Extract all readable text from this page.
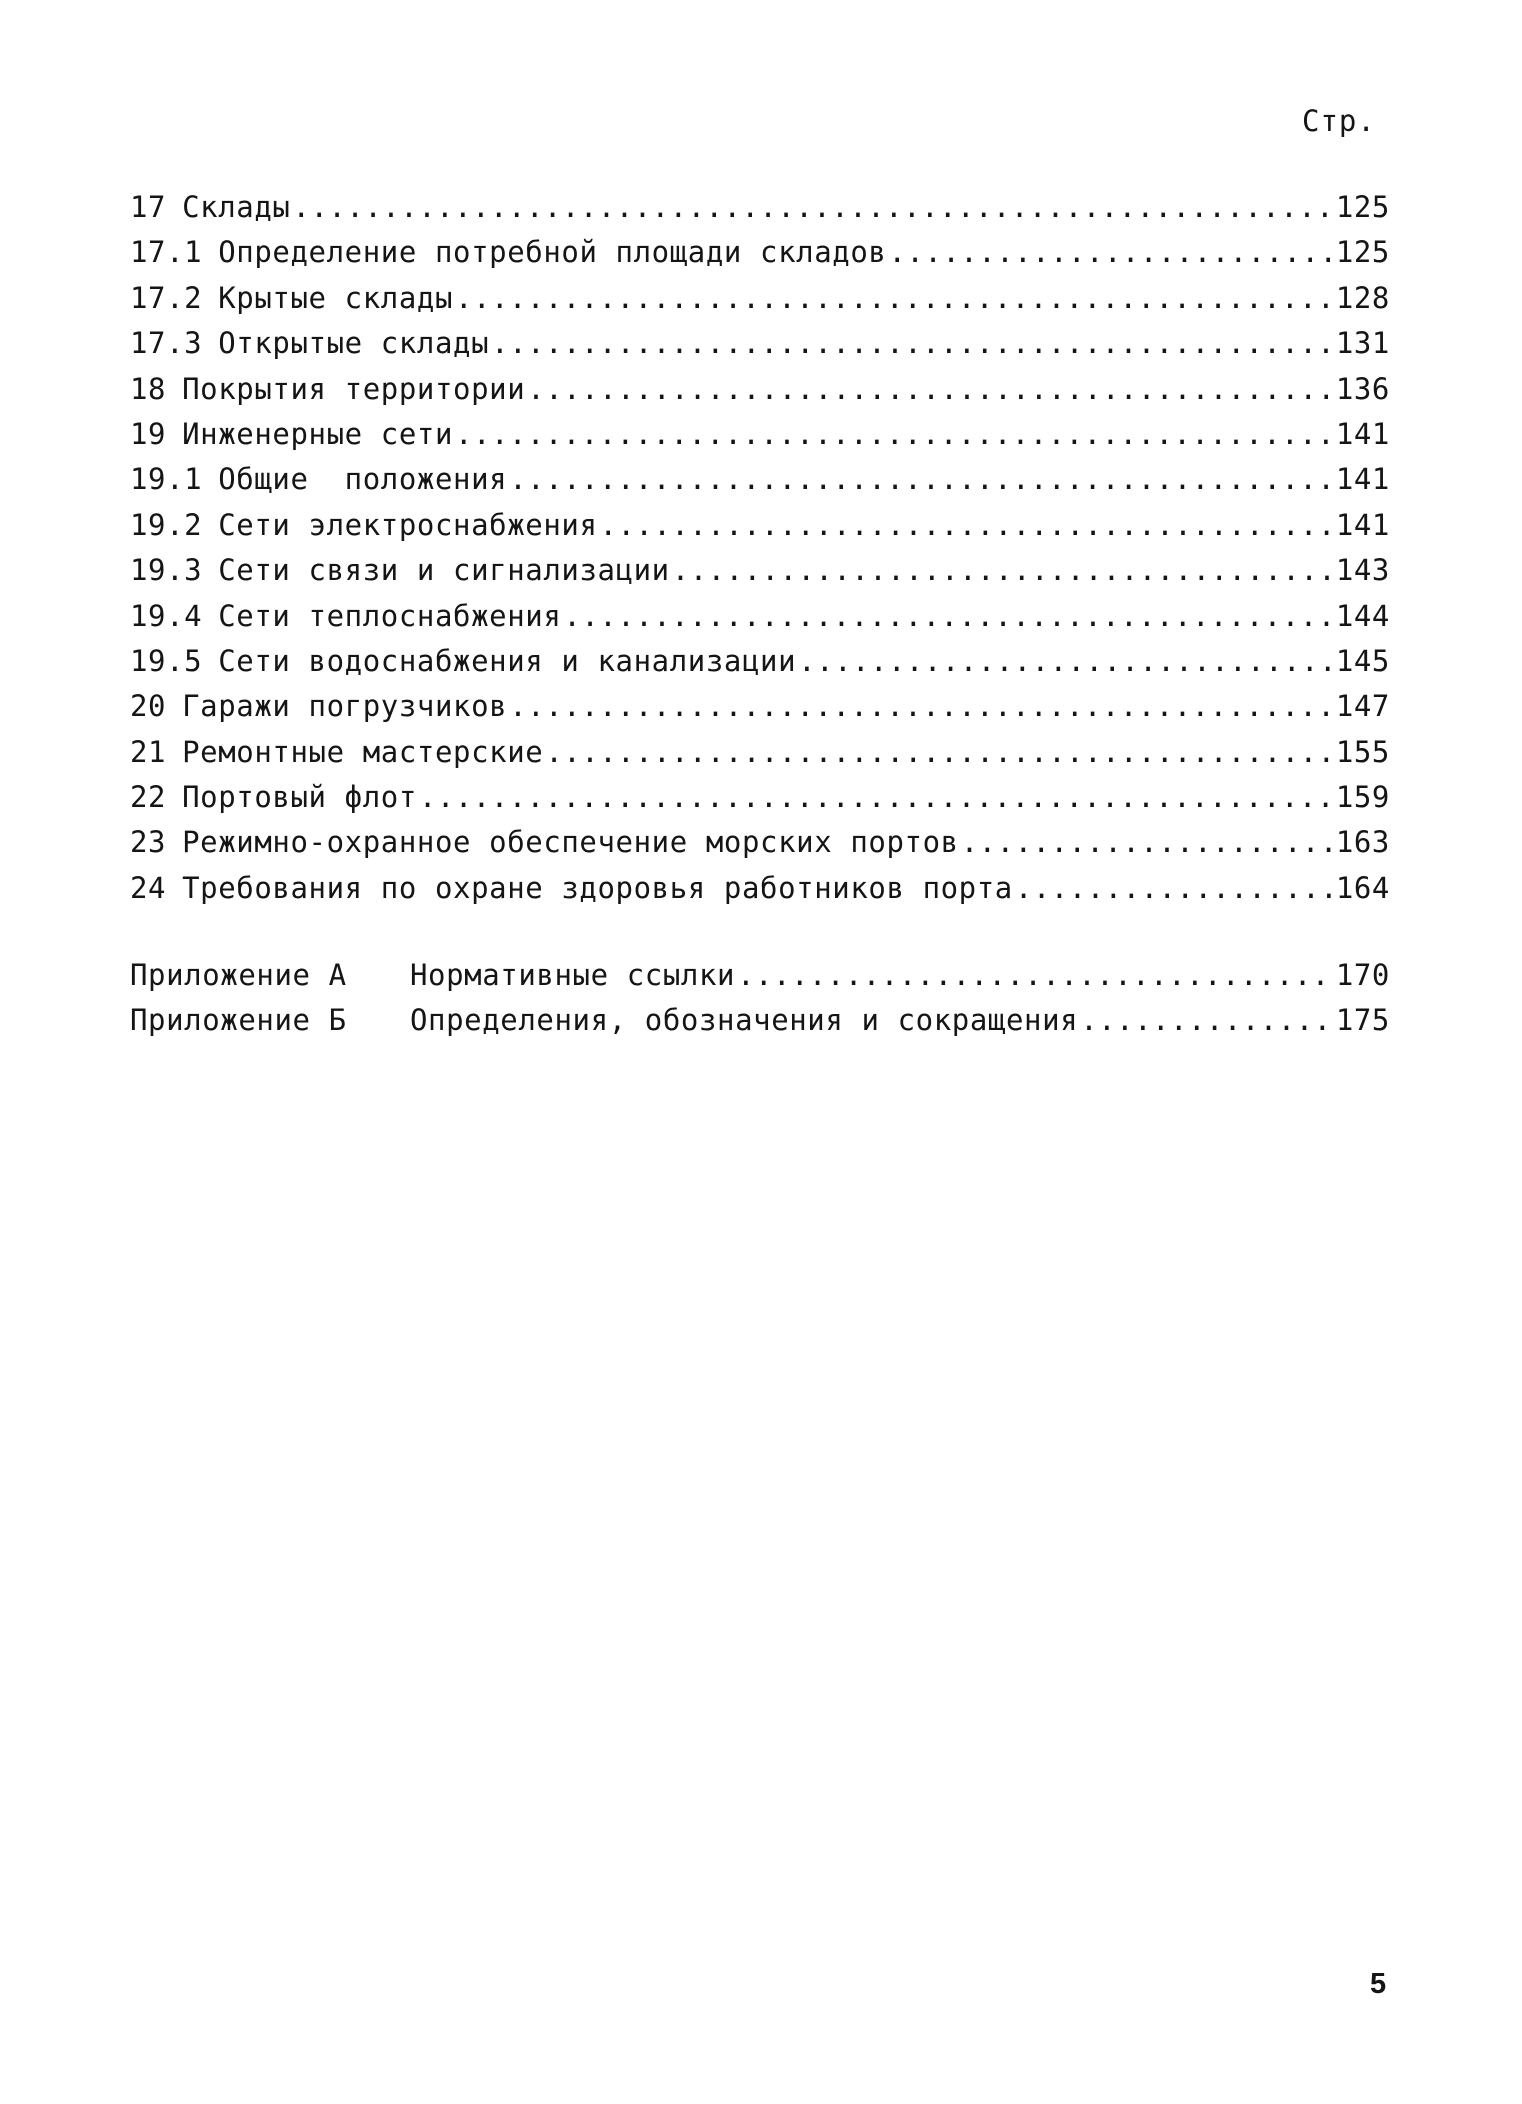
Стр.
17 Склады .....	125
17.1 Определение потребной площади складов .....	125
17.2 Крытые склады .....	128
17.3 Открытые склады .....	131
18 Покрытия территории .....	136
19 Инженерные сети .....	141
19.1 Общие  положения .....	141
19.2 Сети электроснабжения .....	141
19.3 Сети связи и сигнализации .....	143
19.4 Сети теплоснабжения .....	144
19.5 Сети водоснабжения и канализации .....	145
20 Гаражи погрузчиков .....	147
21 Ремонтные мастерские .....	155
22 Портовый флот .....	159
23 Режимно-охранное обеспечение морских портов .....	163
24 Требования по охране здоровья работников порта .....	164
Приложение А	Нормативные ссылки .....	170
Приложение Б	Определения, обозначения и сокращения .....	175
5
